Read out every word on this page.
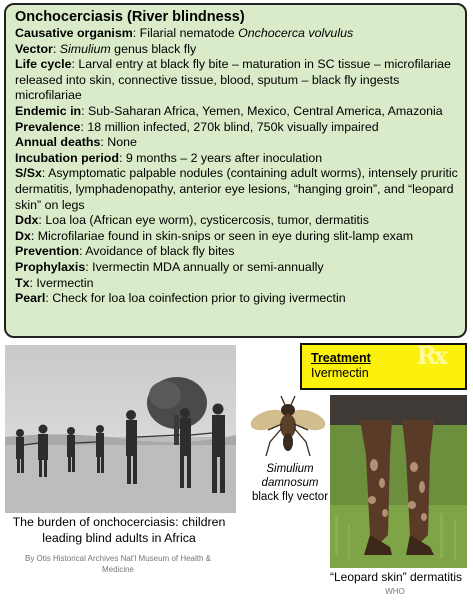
Onchocerciasis (River blindness)

Causative organism: Filarial nematode Onchocerca volvulus

Vector: Simulium genus black fly

Life cycle: Larval entry at black fly bite – maturation in SC tissue – microfilariae released into skin, connective tissue, blood, sputum – black fly ingests microfilariae

Endemic in: Sub-Saharan Africa, Yemen, Mexico, Central America, Amazonia

Prevalence: 18 million infected, 270k blind, 750k visually impaired

Annual deaths: None

Incubation period: 9 months – 2 years after inoculation

S/Sx: Asymptomatic palpable nodules (containing adult worms), intensely pruritic dermatitis, lymphadenopathy, anterior eye lesions, “hanging groin”, and “leopard skin” on legs

Ddx: Loa loa (African eye worm), cysticercosis, tumor, dermatitis

Dx: Microfilariae found in skin-snips or seen in eye during slit-lamp exam

Prevention: Avoidance of black fly bites

Prophylaxis: Ivermectin MDA annually or semi-annually

Tx: Ivermectin

Pearl: Check for loa loa coinfection prior to giving ivermectin

The burden of onchocerciasis: children leading blind adults in Africa
By Otis Historical Archives Nat'l Museum of Health & Medicine
Simulium damnosum
black fly vector
Treatment
Ivermectin
Rx
“Leopard skin” dermatitis
WHO
